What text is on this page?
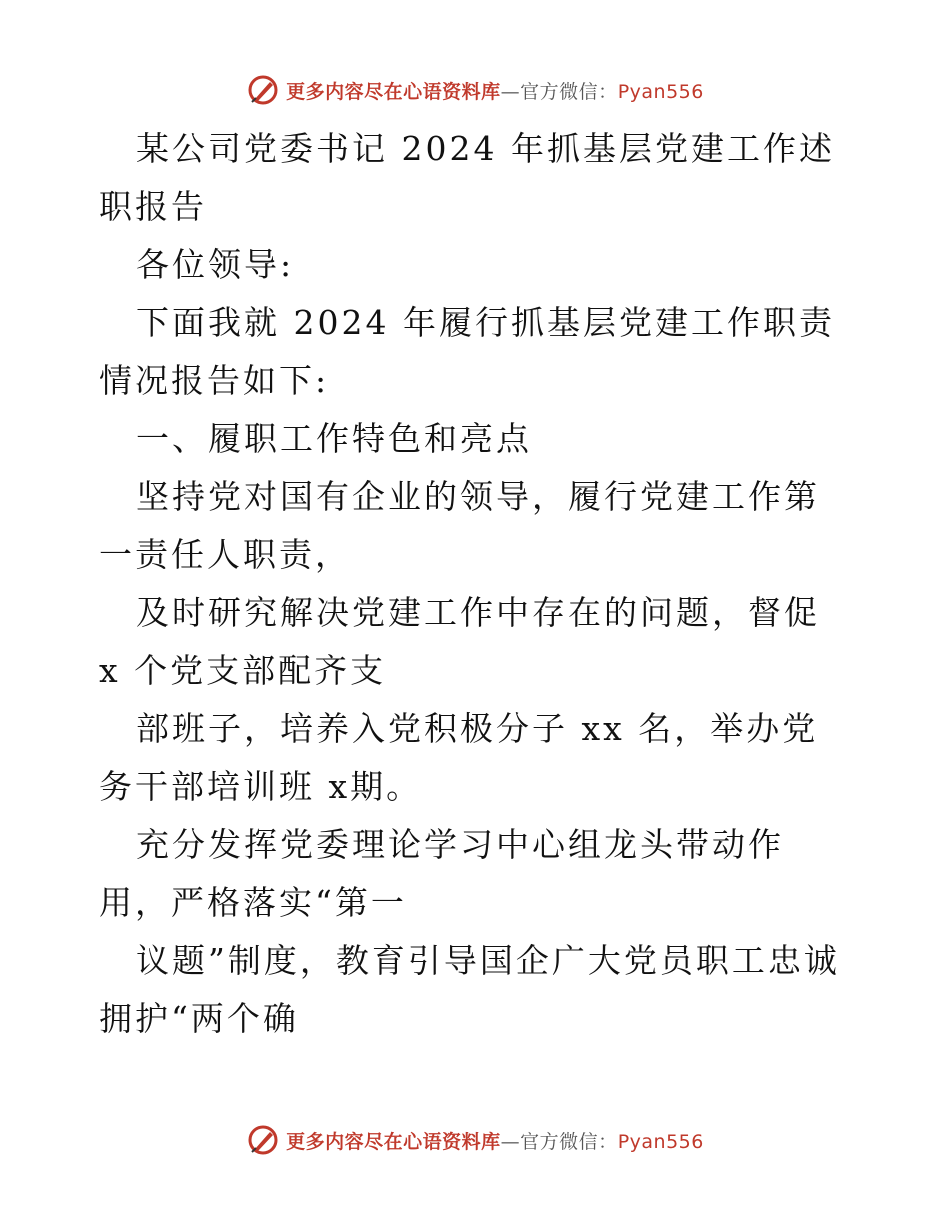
更多内容尽在心语资料库—官方微信：Pyan556

某公司党委书记 2024 年抓基层党建工作述职报告

各位领导:

下面我就 2024 年履行抓基层党建工作职责情况报告如下:

一、履职工作特色和亮点

坚持党对国有企业的领导，履行党建工作第一责任人职责，

及时研究解决党建工作中存在的问题，督促 x 个党支部配齐支

部班子，培养入党积极分子 xx 名，举办党务干部培训班 x期。

充分发挥党委理论学习中心组龙头带动作用，严格落实“第一

议题”制度，教育引导国企广大党员职工忠诚拥护“两个确

更多内容尽在心语资料库—官方微信：Pyan556
